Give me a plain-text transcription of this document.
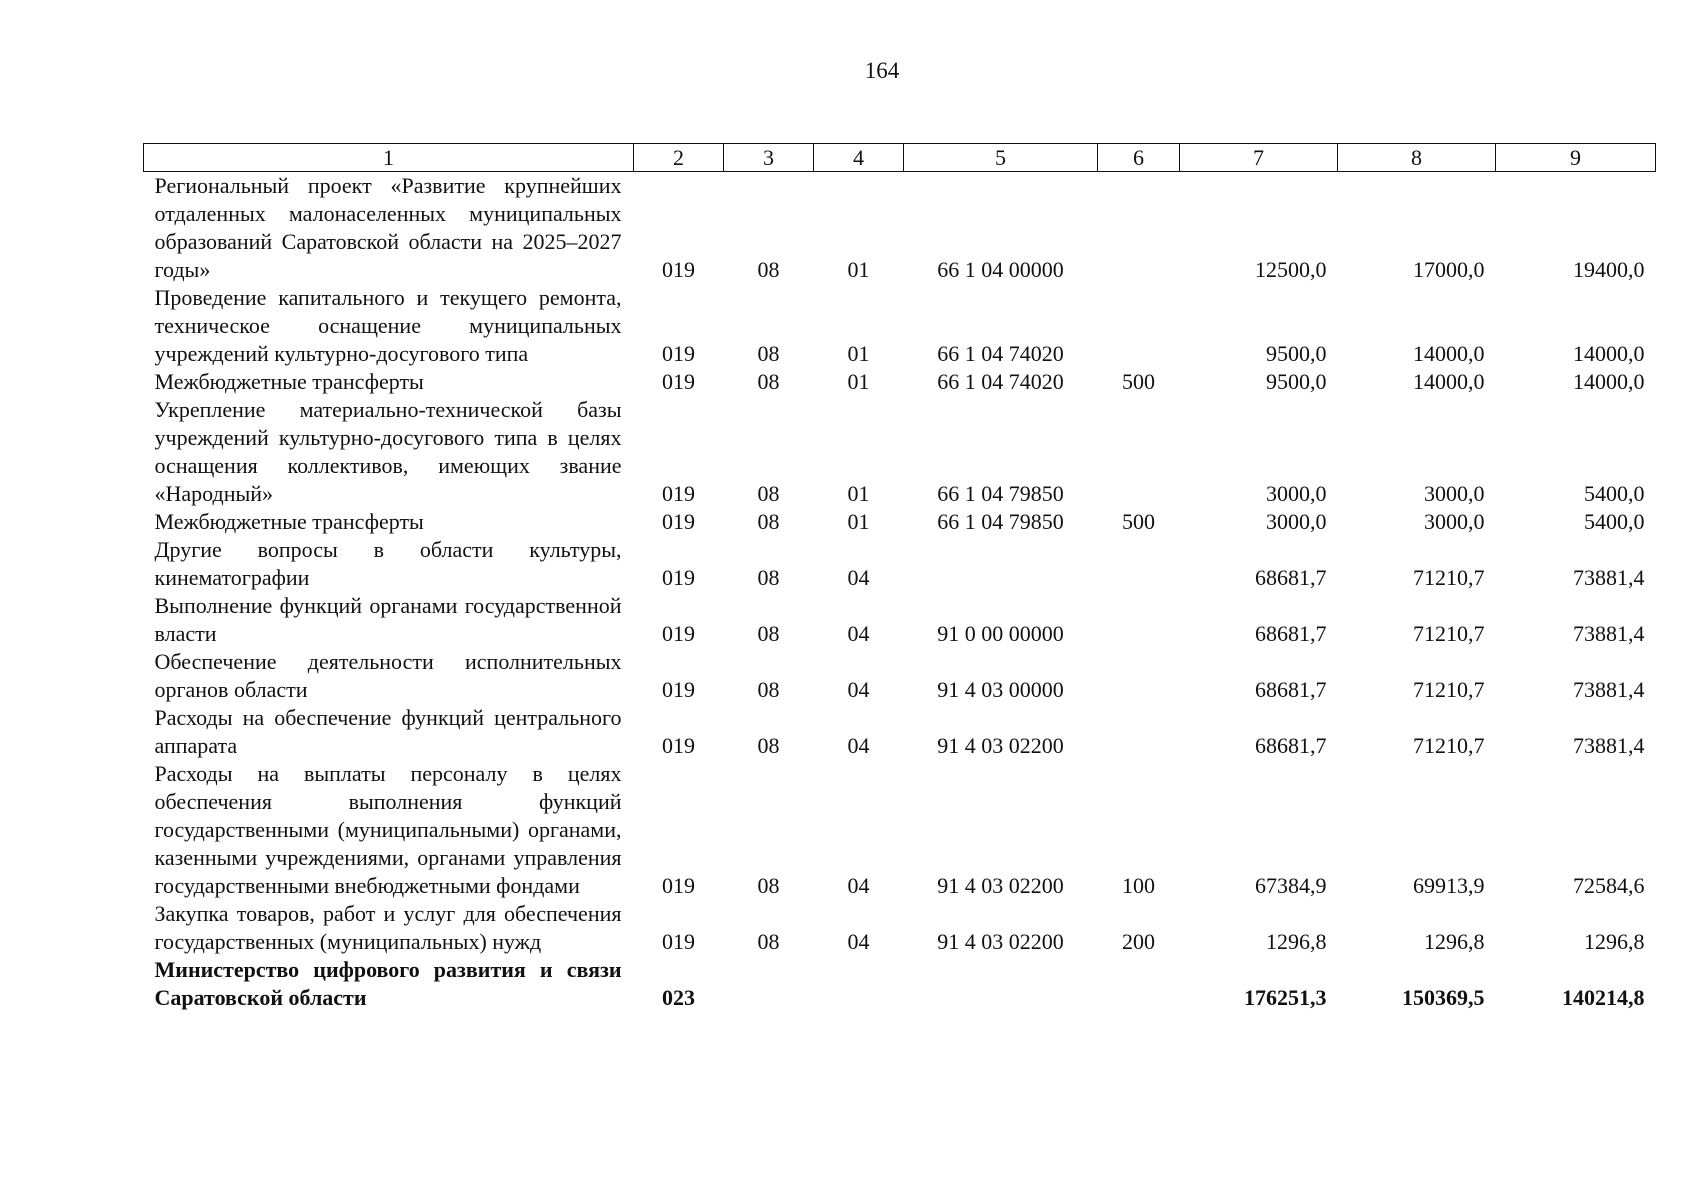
164
1	2	3	4	5	6	7	8	9
Региональный проект «Развитие крупнейших отдаленных малонаселенных муниципальных образований Саратовской области на 2025–2027 годы»	019	08	01	66 1 04 00000		12500,0	17000,0	19400,0
Проведение капитального и текущего ремонта, техническое оснащение муниципальных учреждений культурно-досугового типа	019	08	01	66 1 04 74020		9500,0	14000,0	14000,0
Межбюджетные трансферты	019	08	01	66 1 04 74020	500	9500,0	14000,0	14000,0
Укрепление материально-технической базы учреждений культурно-досугового типа в целях оснащения коллективов, имеющих звание «Народный»	019	08	01	66 1 04 79850		3000,0	3000,0	5400,0
Межбюджетные трансферты	019	08	01	66 1 04 79850	500	3000,0	3000,0	5400,0
Другие вопросы в области культуры, кинематографии	019	08	04			68681,7	71210,7	73881,4
Выполнение функций органами государственной власти	019	08	04	91 0 00 00000		68681,7	71210,7	73881,4
Обеспечение деятельности исполнительных органов области	019	08	04	91 4 03 00000		68681,7	71210,7	73881,4
Расходы на обеспечение функций центрального аппарата	019	08	04	91 4 03 02200		68681,7	71210,7	73881,4
Расходы на выплаты персоналу в целях обеспечения выполнения функций государственными (муниципальными) органами, казенными учреждениями, органами управления государственными внебюджетными фондами	019	08	04	91 4 03 02200	100	67384,9	69913,9	72584,6
Закупка товаров, работ и услуг для обеспечения государственных (муниципальных) нужд	019	08	04	91 4 03 02200	200	1296,8	1296,8	1296,8
Министерство цифрового развития и связи Саратовской области	023					176251,3	150369,5	140214,8
